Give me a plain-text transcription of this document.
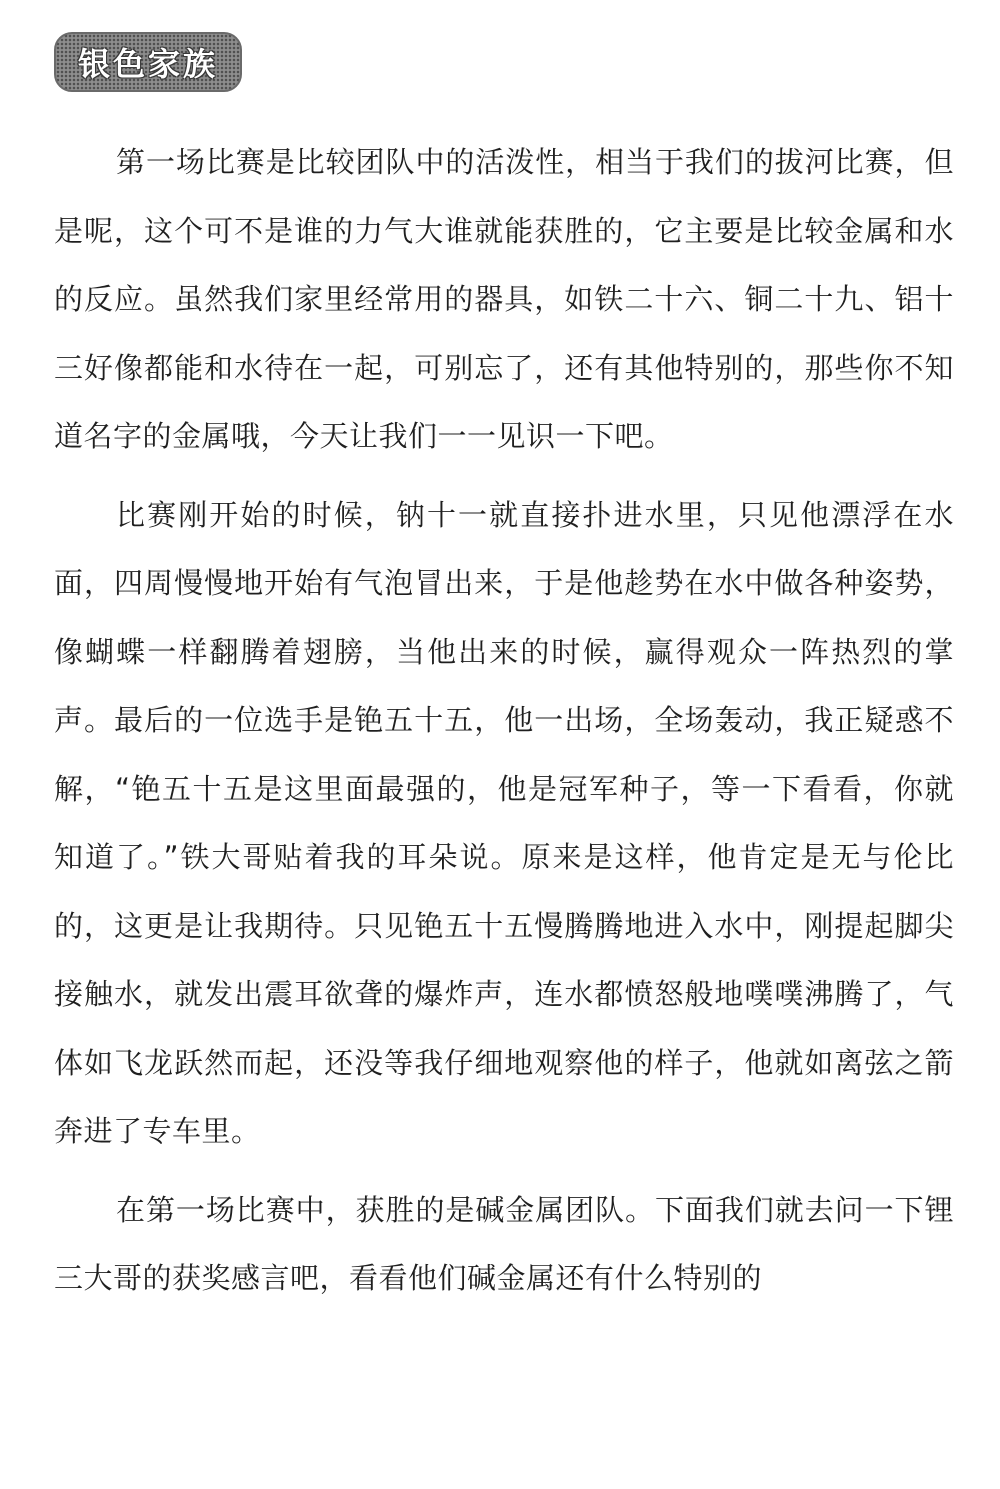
银色家族

第一场比赛是比较团队中的活泼性，相当于我们的拔河比赛，但是呢，这个可不是谁的力气大谁就能获胜的，它主要是比较金属和水的反应。虽然我们家里经常用的器具，如铁二十六、铜二十九、铝十三好像都能和水待在一起，可别忘了，还有其他特别的，那些你不知道名字的金属哦，今天让我们一一见识一下吧。

比赛刚开始的时候，钠十一就直接扑进水里，只见他漂浮在水面，四周慢慢地开始有气泡冒出来，于是他趁势在水中做各种姿势，像蝴蝶一样翻腾着翅膀，当他出来的时候，赢得观众一阵热烈的掌声。最后的一位选手是铯五十五，他一出场，全场轰动，我正疑惑不解，“铯五十五是这里面最强的，他是冠军种子，等一下看看，你就知道了。”铁大哥贴着我的耳朵说。原来是这样，他肯定是无与伦比的，这更是让我期待。只见铯五十五慢腾腾地进入水中，刚提起脚尖接触水，就发出震耳欲聋的爆炸声，连水都愤怒般地噗噗沸腾了，气体如飞龙跃然而起，还没等我仔细地观察他的样子，他就如离弦之箭奔进了专车里。

在第一场比赛中，获胜的是碱金属团队。下面我们就去问一下锂三大哥的获奖感言吧，看看他们碱金属还有什么特别的
